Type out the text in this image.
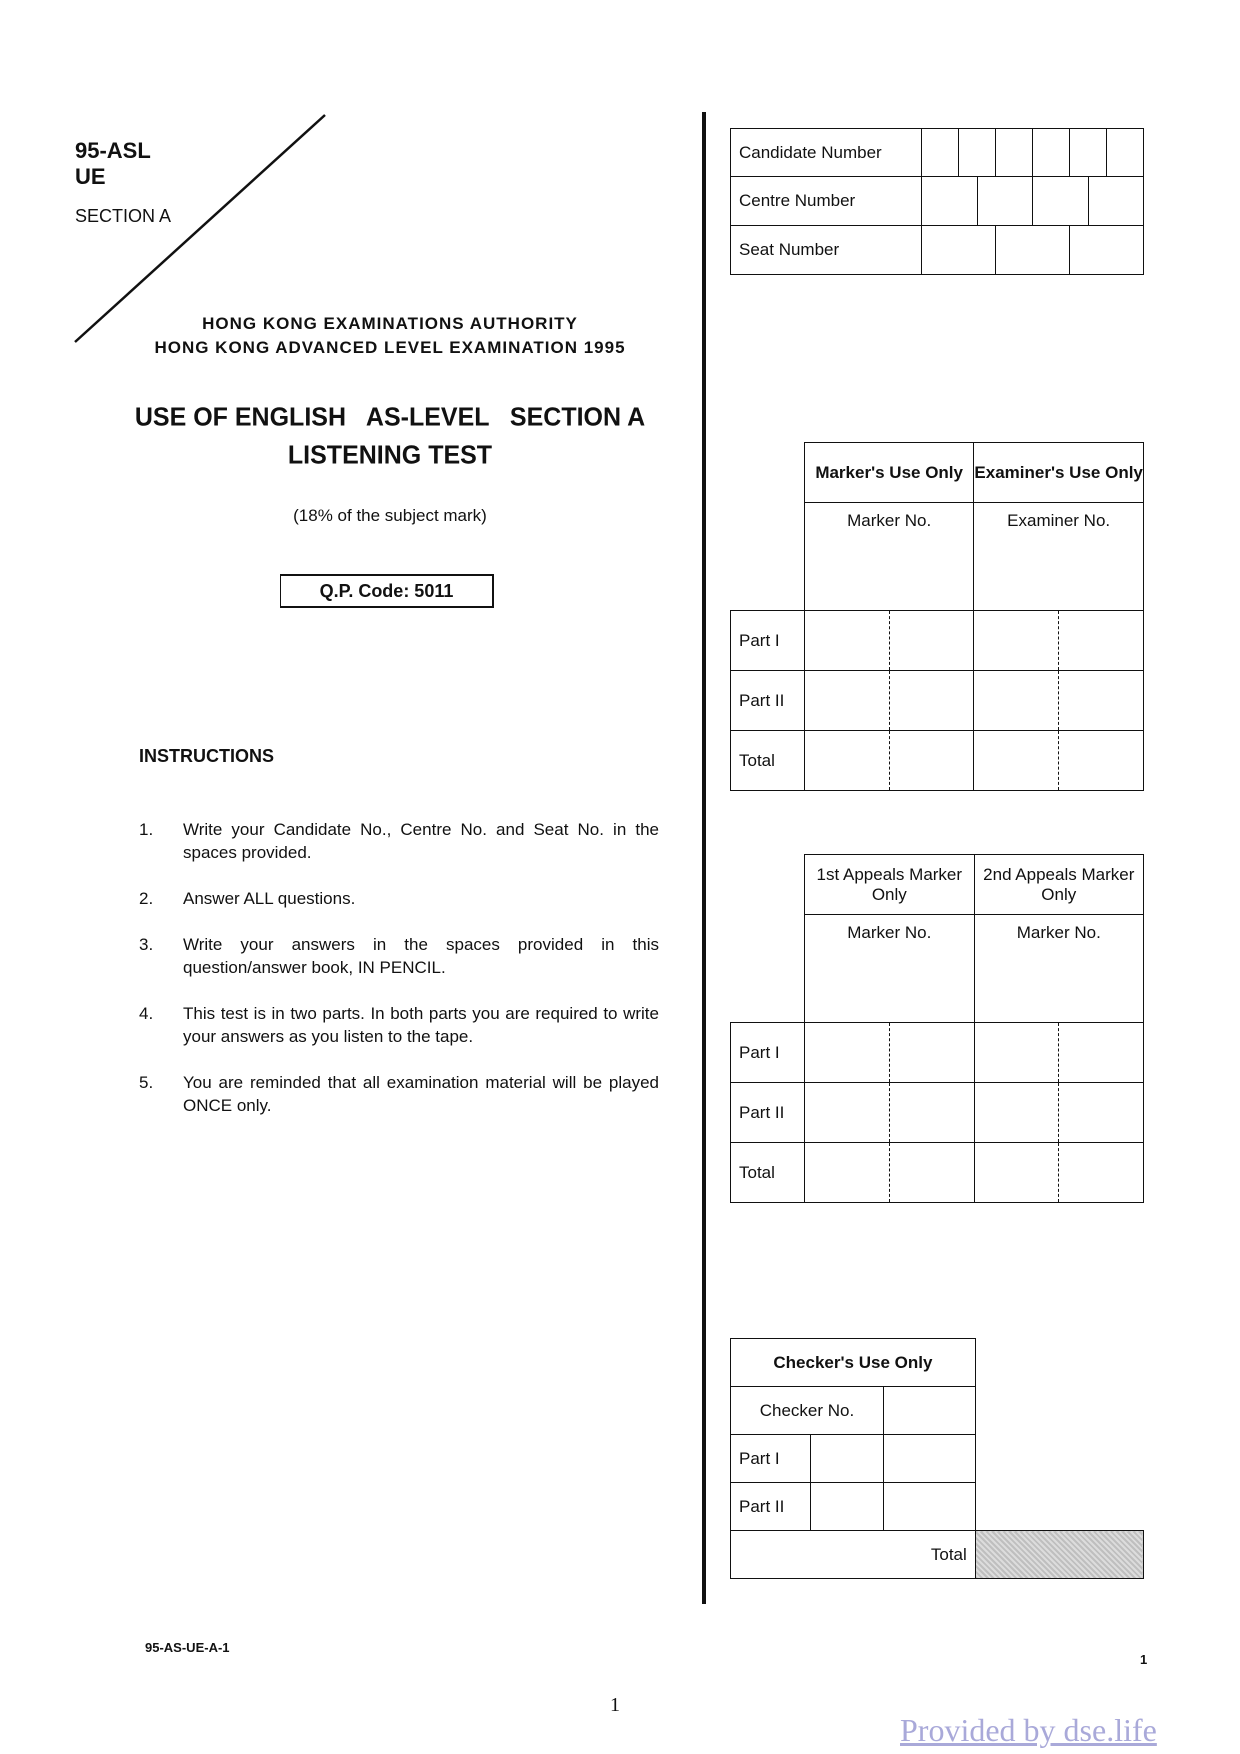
95-ASL
UE
SECTION A
HONG KONG EXAMINATIONS AUTHORITY
HONG KONG ADVANCED LEVEL EXAMINATION 1995
USE OF ENGLISH   AS-LEVEL   SECTION A
LISTENING TEST
(18% of the subject mark)
Q.P. Code: 5011
INSTRUCTIONS
1.	Write your Candidate No., Centre No. and Seat No. in the spaces provided.
2.	Answer ALL questions.
3.	Write your answers in the spaces provided in this question/answer book, IN PENCIL.
4.	This test is in two parts. In both parts you are required to write your answers as you listen to the tape.
5.	You are reminded that all examination material will be played ONCE only.
Candidate Number						
Centre Number						

Seat Number						
	Marker's Use Only		Examiner's Use Only	
	Marker No.		Examiner No.	
Part I				
Part II				
Total				
	1st Appeals Marker Only		2nd Appeals Marker Only	
	Marker No.		Marker No.	
Part I				
Part II				
Total				
Checker's Use Only			
Checker No.			
Part I			
Part II			
Total			
95-AS-UE-A-1
1
1
Provided by dse.life
